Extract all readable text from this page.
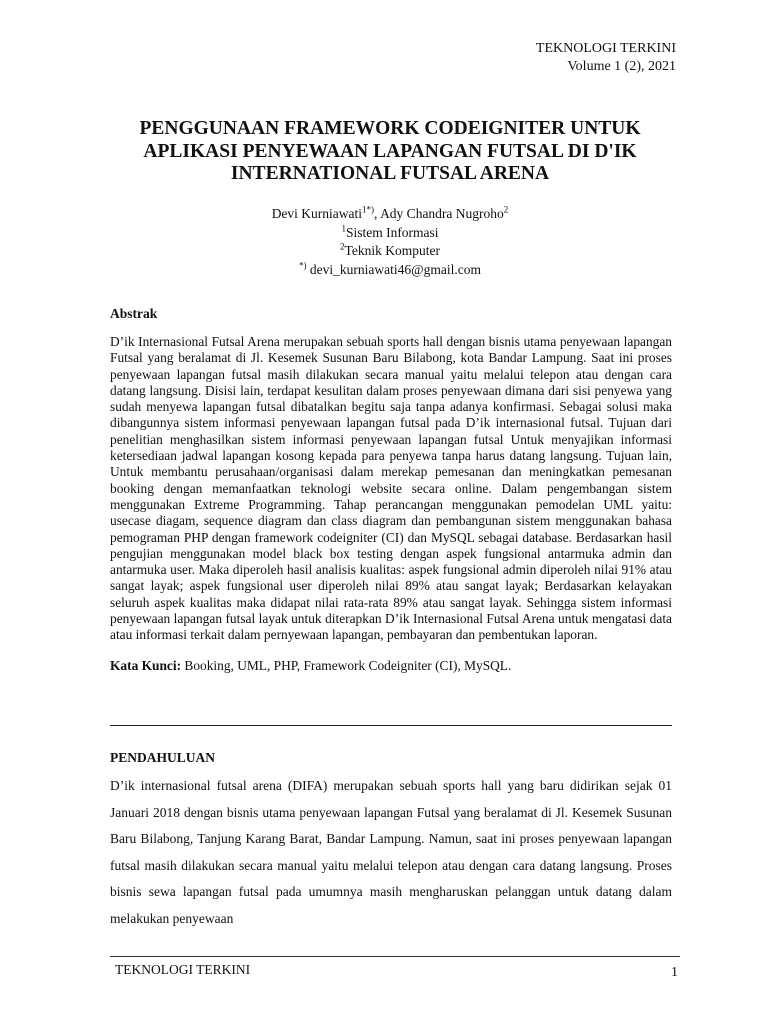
TEKNOLOGI TERKINI
Volume 1 (2), 2021
PENGGUNAAN FRAMEWORK CODEIGNITER UNTUK APLIKASI PENYEWAAN LAPANGAN FUTSAL DI D'IK INTERNATIONAL FUTSAL ARENA
Devi Kurniawati$^{1*)}$, Ady Chandra Nugroho$^2$
$^1$Sistem Informasi
$^2$Teknik Komputer
*) devi_kurniawati46@gmail.com
Abstrak

D’ik Internasional Futsal Arena merupakan sebuah sports hall dengan bisnis utama penyewaan lapangan Futsal yang beralamat di Jl. Kesemek Susunan Baru Bilabong, kota Bandar Lampung. Saat ini proses penyewaan lapangan futsal masih dilakukan secara manual yaitu melalui telepon atau dengan cara datang langsung. Disisi lain, terdapat kesulitan dalam proses penyewaan dimana dari sisi penyewa yang sudah menyewa lapangan futsal dibatalkan begitu saja tanpa adanya konfirmasi. Sebagai solusi maka dibangunnya sistem informasi penyewaan lapangan futsal pada D’ik internasional futsal. Tujuan dari penelitian menghasilkan sistem informasi penyewaan lapangan futsal Untuk menyajikan informasi ketersediaan jadwal lapangan kosong kepada para penyewa tanpa harus datang langsung. Tujuan lain, Untuk membantu perusahaan/organisasi dalam merekap pemesanan dan meningkatkan pemesanan booking dengan memanfaatkan teknologi website secara online. Dalam pengembangan sistem menggunakan Extreme Programming. Tahap perancangan menggunakan pemodelan UML yaitu: usecase diagam, sequence diagram dan class diagram dan pembangunan sistem menggunakan bahasa pemograman PHP dengan framework codeigniter (CI) dan MySQL sebagai database. Berdasarkan hasil pengujian menggunakan model black box testing dengan aspek fungsional antarmuka admin dan antarmuka user. Maka diperoleh hasil analisis kualitas: aspek fungsional admin diperoleh nilai 91% atau sangat layak; aspek fungsional user diperoleh nilai 89% atau sangat layak; Berdasarkan kelayakan seluruh aspek kualitas maka didapat nilai rata-rata 89% atau sangat layak. Sehingga sistem informasi penyewaan lapangan futsal layak untuk diterapkan D’ik Internasional Futsal Arena untuk mengatasi data atau informasi terkait dalam pernyewaan lapangan, pembayaran dan pembentukan laporan.

Kata Kunci: Booking, UML, PHP, Framework Codeigniter (CI), MySQL.
PENDAHULUAN

D’ik internasional futsal arena (DIFA) merupakan sebuah sports hall yang baru didirikan sejak 01 Januari 2018 dengan bisnis utama penyewaan lapangan Futsal yang beralamat di Jl. Kesemek Susunan Baru Bilabong, Tanjung Karang Barat, Bandar Lampung. Namun, saat ini proses penyewaan lapangan futsal masih dilakukan secara manual yaitu melalui telepon atau dengan cara datang langsung. Proses bisnis sewa lapangan futsal pada umumnya masih mengharuskan pelanggan untuk datang dalam melakukan penyewaan

TEKNOLOGI TERKINI	1
